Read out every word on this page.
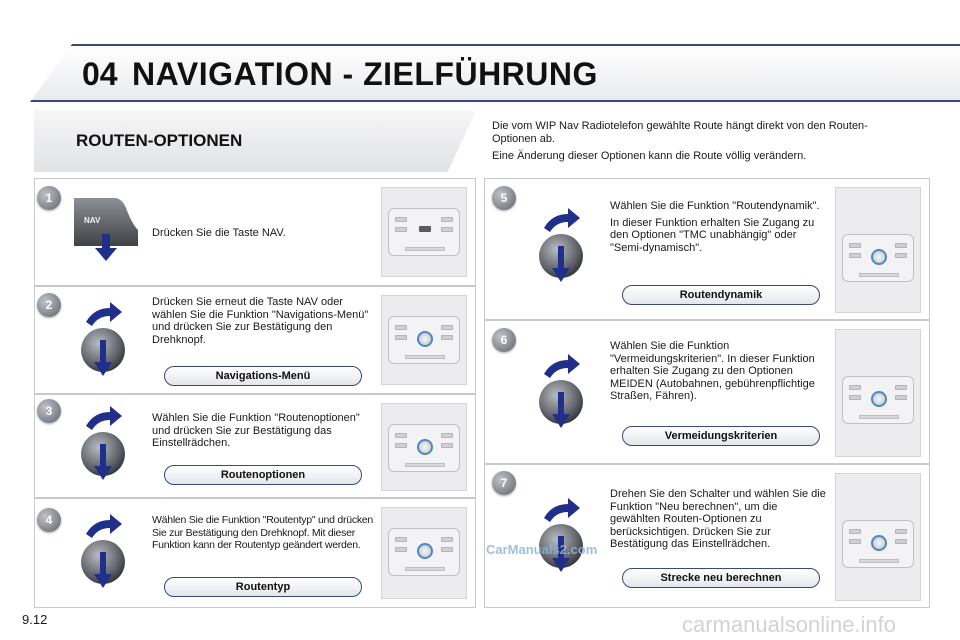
04 NAVIGATION - ZIELFÜHRUNG
ROUTEN-OPTIONEN

Die vom WIP Nav Radiotelefon gewählte Route hängt direkt von den Routen-Optionen ab.

Eine Änderung dieser Optionen kann die Route völlig verändern.

1
2
3
4
5
6
7
NAV

Drücken Sie die Taste NAV.

Drücken Sie erneut die Taste NAV oder wählen Sie die Funktion "Navigations-Menü" und drücken Sie zur Bestätigung den Drehknopf.

Wählen Sie die Funktion "Routenoptionen" und drücken Sie zur Bestätigung das Einstellrädchen.

Wählen Sie die Funktion "Routentyp" und drücken Sie zur Bestätigung den Drehknopf. Mit dieser Funktion kann der Routentyp geändert werden.

Wählen Sie die Funktion "Routendynamik".

In dieser Funktion erhalten Sie Zugang zu den Optionen "TMC unabhängig" oder "Semi-dynamisch".

Wählen Sie die Funktion "Vermeidungskriterien". In dieser Funktion erhalten Sie Zugang zu den Optionen MEIDEN (Autobahnen, gebührenpflichtige Straßen, Fähren).

Drehen Sie den Schalter und wählen Sie die Funktion "Neu berechnen", um die gewählten Routen-Optionen zu berücksichtigen. Drücken Sie zur Bestätigung das Einstellrädchen.

Navigations-Menü
Routenoptionen
Routentyp
Routendynamik
Vermeidungskriterien
Strecke neu berechnen
9.12
CarManuals2.com
carmanualsonline.info
